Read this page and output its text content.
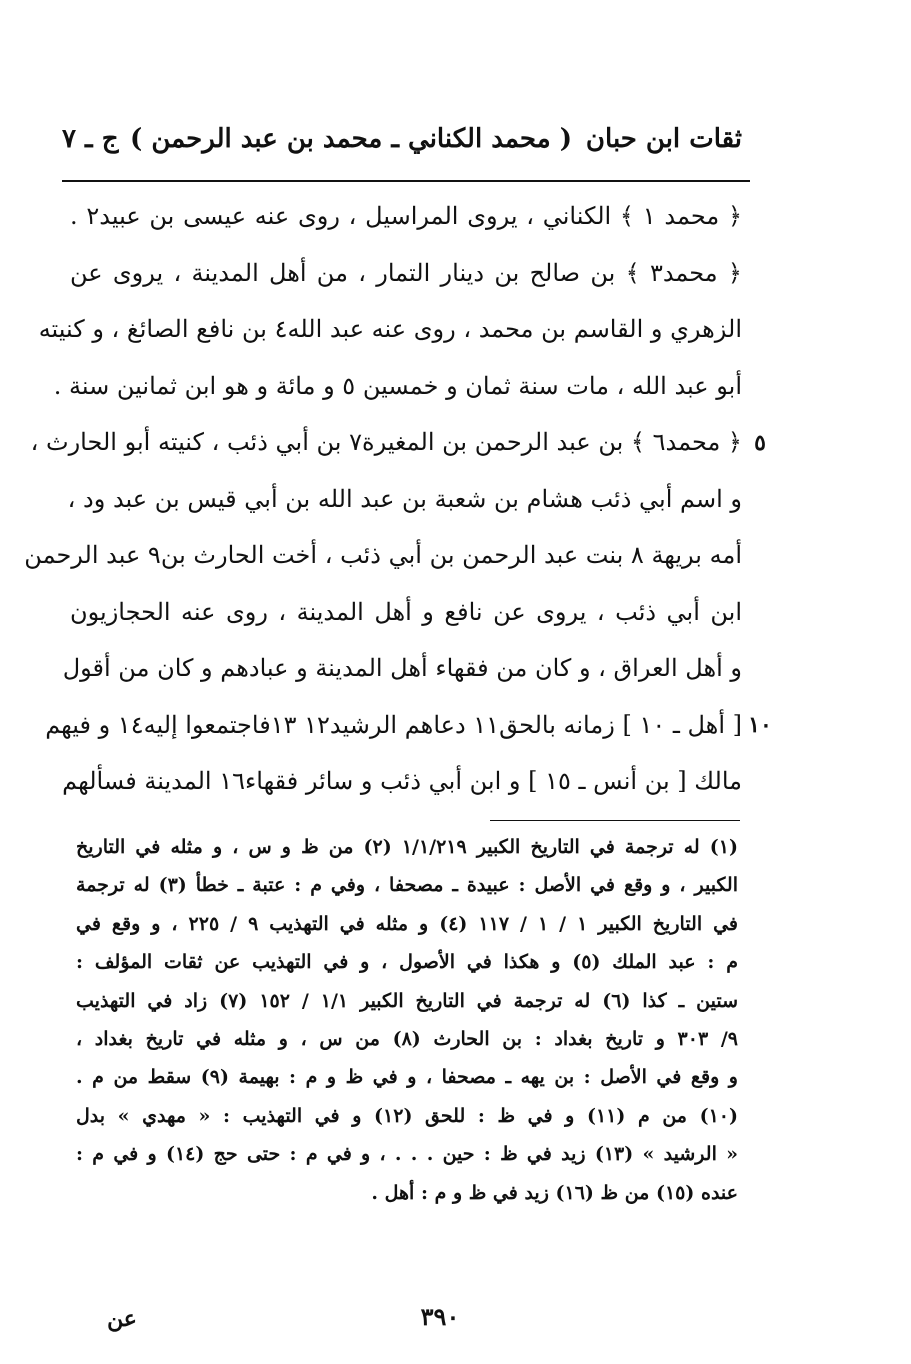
ثقات ابن حبان
( محمد الكناني ـ محمد بن عبد الرحمن )
ج ـ ٧
﴿ محمد ١ ﴾ الكناني ، يروى المراسيل ، روى عنه عيسى بن عبيد٢ .
﴿ محمد٣ ﴾ بن صالح بن دينار التمار ، من أهل المدينة ، يروى عن
الزهري و القاسم بن محمد ، روى عنه عبد الله٤ بن نافع الصائغ ، و كنيته
أبو عبد الله ، مات سنة ثمان و خمسين ٥ و مائة و هو ابن ثمانين سنة .
﴿ محمد٦ ﴾ بن عبد الرحمن بن المغيرة٧ بن أبي ذئب ، كنيته أبو الحارث ،
و اسم أبي ذئب هشام بن شعبة بن عبد الله بن أبي قيس بن عبد ود ،
أمه بريهة ٨ بنت عبد الرحمن بن أبي ذئب ، أخت الحارث بن٩ عبد الرحمن
ابن أبي ذئب ، يروى عن نافع و أهل المدينة ، روى عنه الحجازيون
و أهل العراق ، و كان من فقهاء أهل المدينة و عبادهم و كان من أقول
[ أهل ـ ١٠ ] زمانه بالحق١١ دعاهم الرشيد١٢ ١٣فاجتمعوا إليه١٤ و فيهم
مالك [ بن أنس ـ ١٥ ] و ابن أبي ذئب و سائر فقهاء١٦ المدينة فسألهم
٥
١٠
(١) له ترجمة في التاريخ الكبير ١/١/٢١٩ (٢) من ظ و س ، و مثله في التاريخ
الكبير ، و وقع في الأصل : عبيدة ـ مصحفا ، وفي م : عتبة ـ خطأ (٣) له ترجمة
في التاريخ الكبير ١ / ١ / ١١٧ (٤) و مثله في التهذيب ٩ / ٢٢٥ ، و وقع في
م : عبد الملك (٥) و هكذا في الأصول ، و في التهذيب عن ثقات المؤلف :
ستين ـ كذا (٦) له ترجمة في التاريخ الكبير ١/١ / ١٥٢ (٧) زاد في التهذيب
٩/ ٣٠٣ و تاريخ بغداد : بن الحارث (٨) من س ، و مثله في تاريخ بغداد ،
و وقع في الأصل : بن يهه ـ مصحفا ، و في ظ و م : بهيمة (٩) سقط من م .
(١٠) من م (١١) و في ظ : للحق (١٢) و في التهذيب : « مهدي » بدل
« الرشيد » (١٣) زيد في ظ : حين . . . ، و في م : حتى حج (١٤) و في م :
عنده (١٥) من ظ (١٦) زيد في ظ و م : أهل .
٣٩٠
عن
